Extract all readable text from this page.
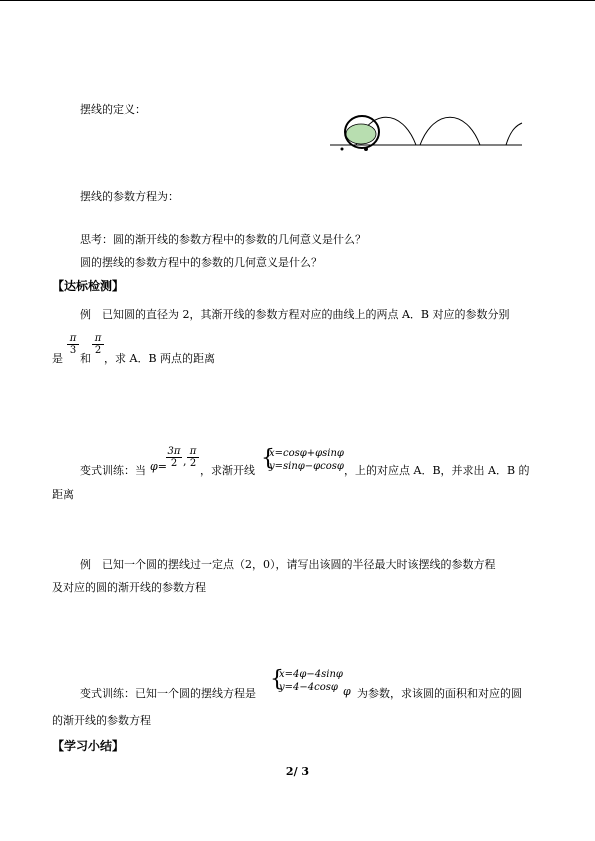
摆线的定义：
摆线的参数方程为：
思考：圆的渐开线的参数方程中的参数的几何意义是什么？
圆的摆线的参数方程中的参数的几何意义是什么？
【达标检测】
例　已知圆的直径为 2，其渐开线的参数方程对应的曲线上的两点 A．B 对应的参数分别
是
π
3
和
π
2
，求 A．B 两点的距离
变式训练：当 φ=
3π
2 ,
π
2
，求渐开线 {
x=cosφ+φsinφ
y=sinφ−φcosφ ，上的对应点 A．B，并求出 A．B 的
距离
例　已知一个圆的摆线过一定点（2，0），请写出该圆的半径最大时该摆线的参数方程
及对应的圆的渐开线的参数方程
变式训练：已知一个圆的摆线方程是
{
x=4φ−4sinφ
y=4−4cosφ φ 为参数，求该圆的面积和对应的圆
的渐开线的参数方程
【学习小结】
2/ 3
